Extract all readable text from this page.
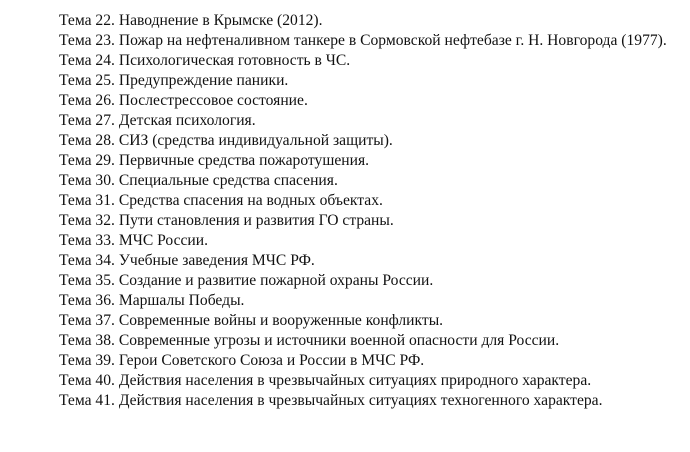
Тема 22. Наводнение в Крымске (2012).

Тема 23. Пожар на нефтеналивном танкере в Сормовской нефтебазе г. Н. Новгорода (1977).

Тема 24. Психологическая готовность в ЧС.

Тема 25. Предупреждение паники.

Тема 26. Послестрессовое состояние.

Тема 27. Детская психология.

Тема 28. СИЗ (средства индивидуальной защиты).

Тема 29. Первичные средства пожаротушения.

Тема 30. Специальные средства спасения.

Тема 31. Средства спасения на водных объектах.

Тема 32. Пути становления и развития ГО страны.

Тема 33. МЧС России.

Тема 34. Учебные заведения МЧС РФ.

Тема 35. Создание и развитие пожарной охраны России.

Тема 36. Маршалы Победы.

Тема 37. Современные войны и вооруженные конфликты.

Тема 38. Современные угрозы и источники военной опасности для России.

Тема 39. Герои Советского Союза и России в МЧС РФ.

Тема 40. Действия населения в чрезвычайных ситуациях природного характера.

Тема 41. Действия населения в чрезвычайных ситуациях техногенного характера.
